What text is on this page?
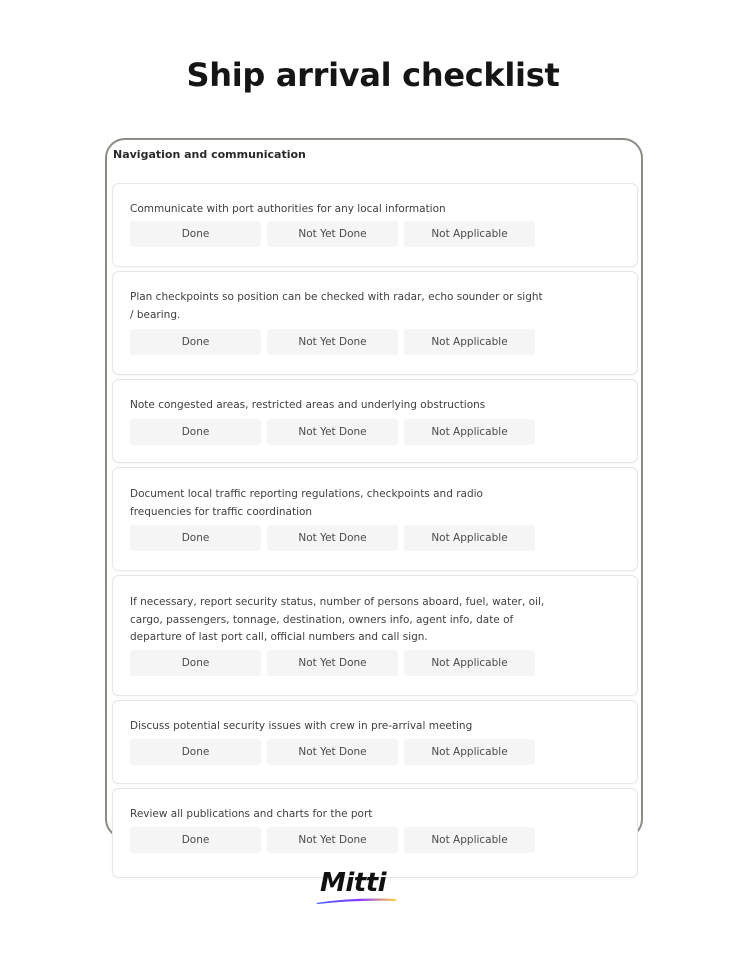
Ship arrival checklist
Navigation and communication
Communicate with port authorities for any local information
Done	Not Yet Done	Not Applicable
Plan checkpoints so position can be checked with radar, echo sounder or sight
/ bearing.
Done	Not Yet Done	Not Applicable
Note congested areas, restricted areas and underlying obstructions
Done	Not Yet Done	Not Applicable
Document local traffic reporting regulations, checkpoints and radio
frequencies for traffic coordination
Done	Not Yet Done	Not Applicable
If necessary, report security status, number of persons aboard, fuel, water, oil,
cargo, passengers, tonnage, destination, owners info, agent info, date of
departure of last port call, official numbers and call sign.
Done	Not Yet Done	Not Applicable
Discuss potential security issues with crew in pre-arrival meeting
Done	Not Yet Done	Not Applicable
Review all publications and charts for the port
Done	Not Yet Done	Not Applicable
Mitti
